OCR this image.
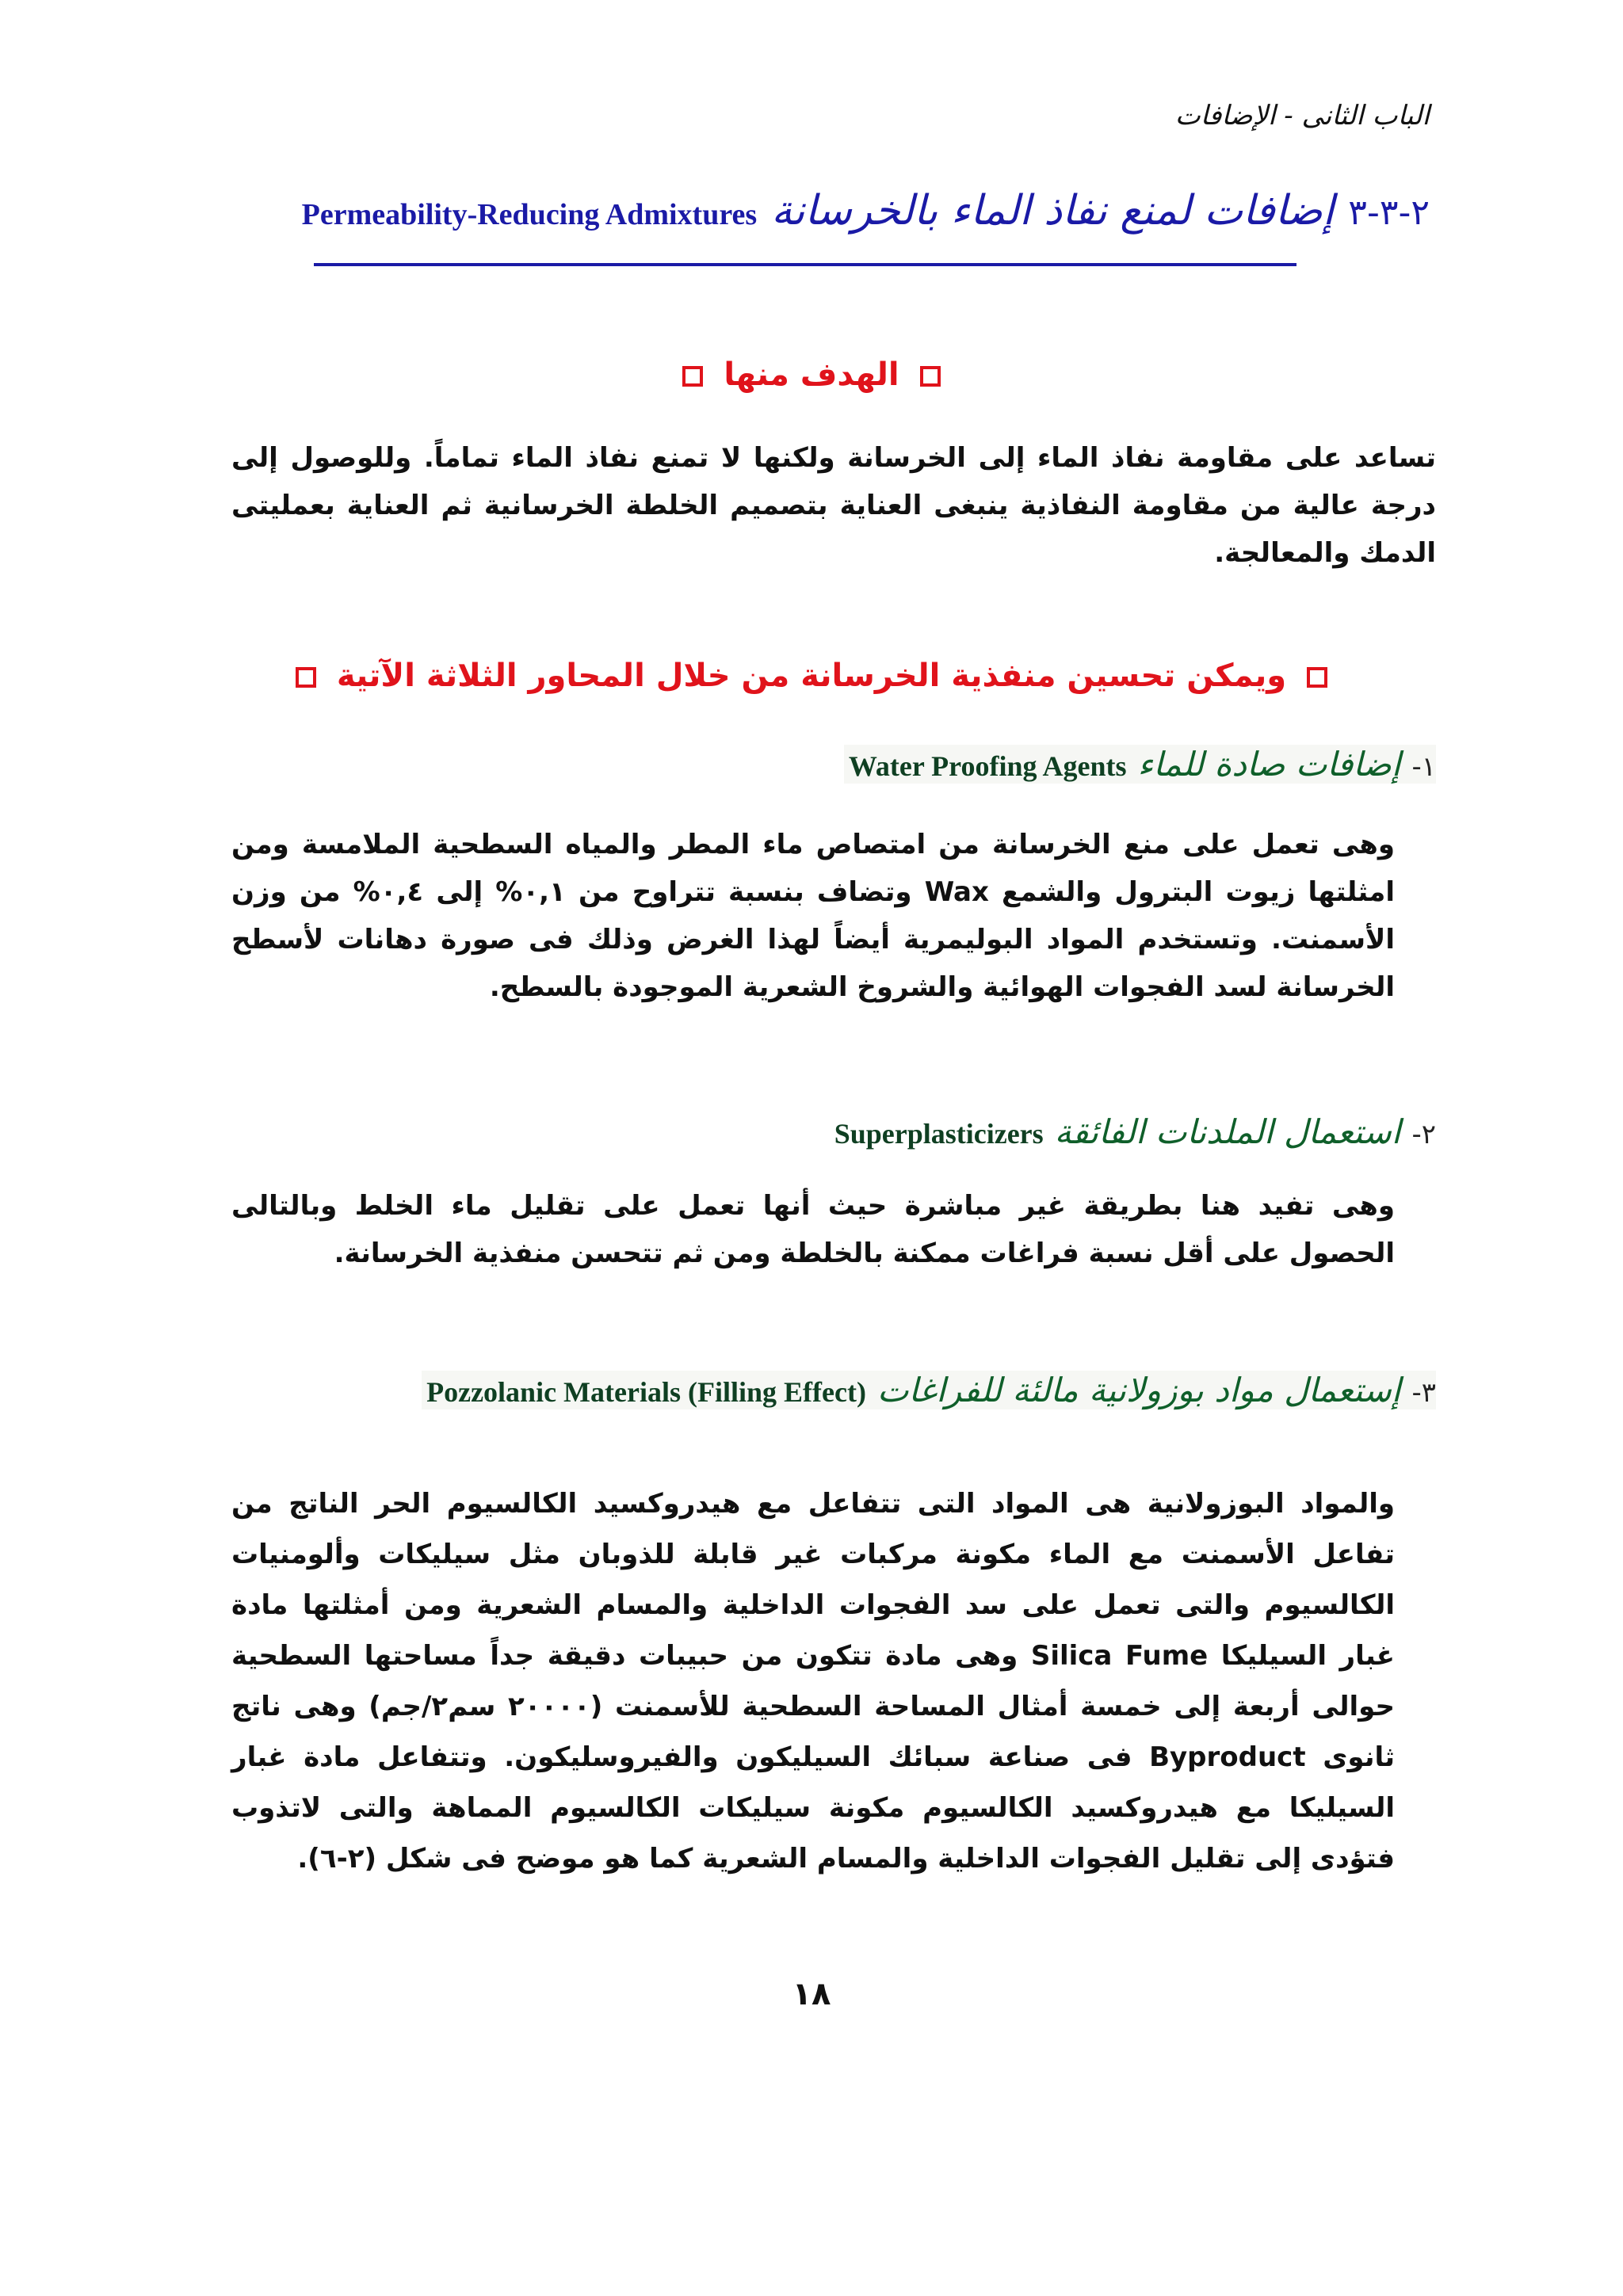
الباب الثانى - الإضافات
٢-٣-٣
إضافات لمنع نفاذ الماء بالخرسانة
Permeability-Reducing Admixtures
الهدف منها
تساعد على مقاومة نفاذ الماء إلى الخرسانة ولكنها لا تمنع نفاذ الماء تماماً. وللوصول إلى درجة عالية من مقاومة النفاذية ينبغى العناية بتصميم الخلطة الخرسانية ثم العناية بعمليتى الدمك والمعالجة.
ويمكن تحسين منفذية الخرسانة من خلال المحاور الثلاثة الآتية
١-
إضافات صادة للماء
Water Proofing Agents
وهى تعمل على منع الخرسانة من امتصاص ماء المطر والمياه السطحية الملامسة ومن امثلتها زيوت البترول والشمع Wax وتضاف بنسبة تتراوح من ٠,١% إلى ٠,٤% من وزن الأسمنت. وتستخدم المواد البوليمرية أيضاً لهذا الغرض وذلك فى صورة دهانات لأسطح الخرسانة لسد الفجوات الهوائية والشروخ الشعرية الموجودة بالسطح.
٢-
استعمال الملدنات الفائقة
Superplasticizers
وهى تفيد هنا بطريقة غير مباشرة حيث أنها تعمل على تقليل ماء الخلط وبالتالى الحصول على أقل نسبة فراغات ممكنة بالخلطة ومن ثم تتحسن منفذية الخرسانة.
٣-
إستعمال مواد بوزولانية مالئة للفراغات
Pozzolanic Materials (Filling Effect)
والمواد البوزولانية هى المواد التى تتفاعل مع هيدروكسيد الكالسيوم الحر الناتج من تفاعل الأسمنت مع الماء مكونة مركبات غير قابلة للذوبان مثل سيليكات وألومنيات الكالسيوم والتى تعمل على سد الفجوات الداخلية والمسام الشعرية ومن أمثلتها مادة غبار السيليكا Silica Fume وهى مادة تتكون من حبيبات دقيقة جداً مساحتها السطحية حوالى أربعة إلى خمسة أمثال المساحة السطحية للأسمنت (٢٠٠٠٠ سم٢/جم) وهى ناتج ثانوى Byproduct فى صناعة سبائك السيليكون والفيروسليكون. وتتفاعل مادة غبار السيليكا مع هيدروكسيد الكالسيوم مكونة سيليكات الكالسيوم المماهة والتى لاتذوب فتؤدى إلى تقليل الفجوات الداخلية والمسام الشعرية كما هو موضح فى شكل (٢-٦).
١٨
